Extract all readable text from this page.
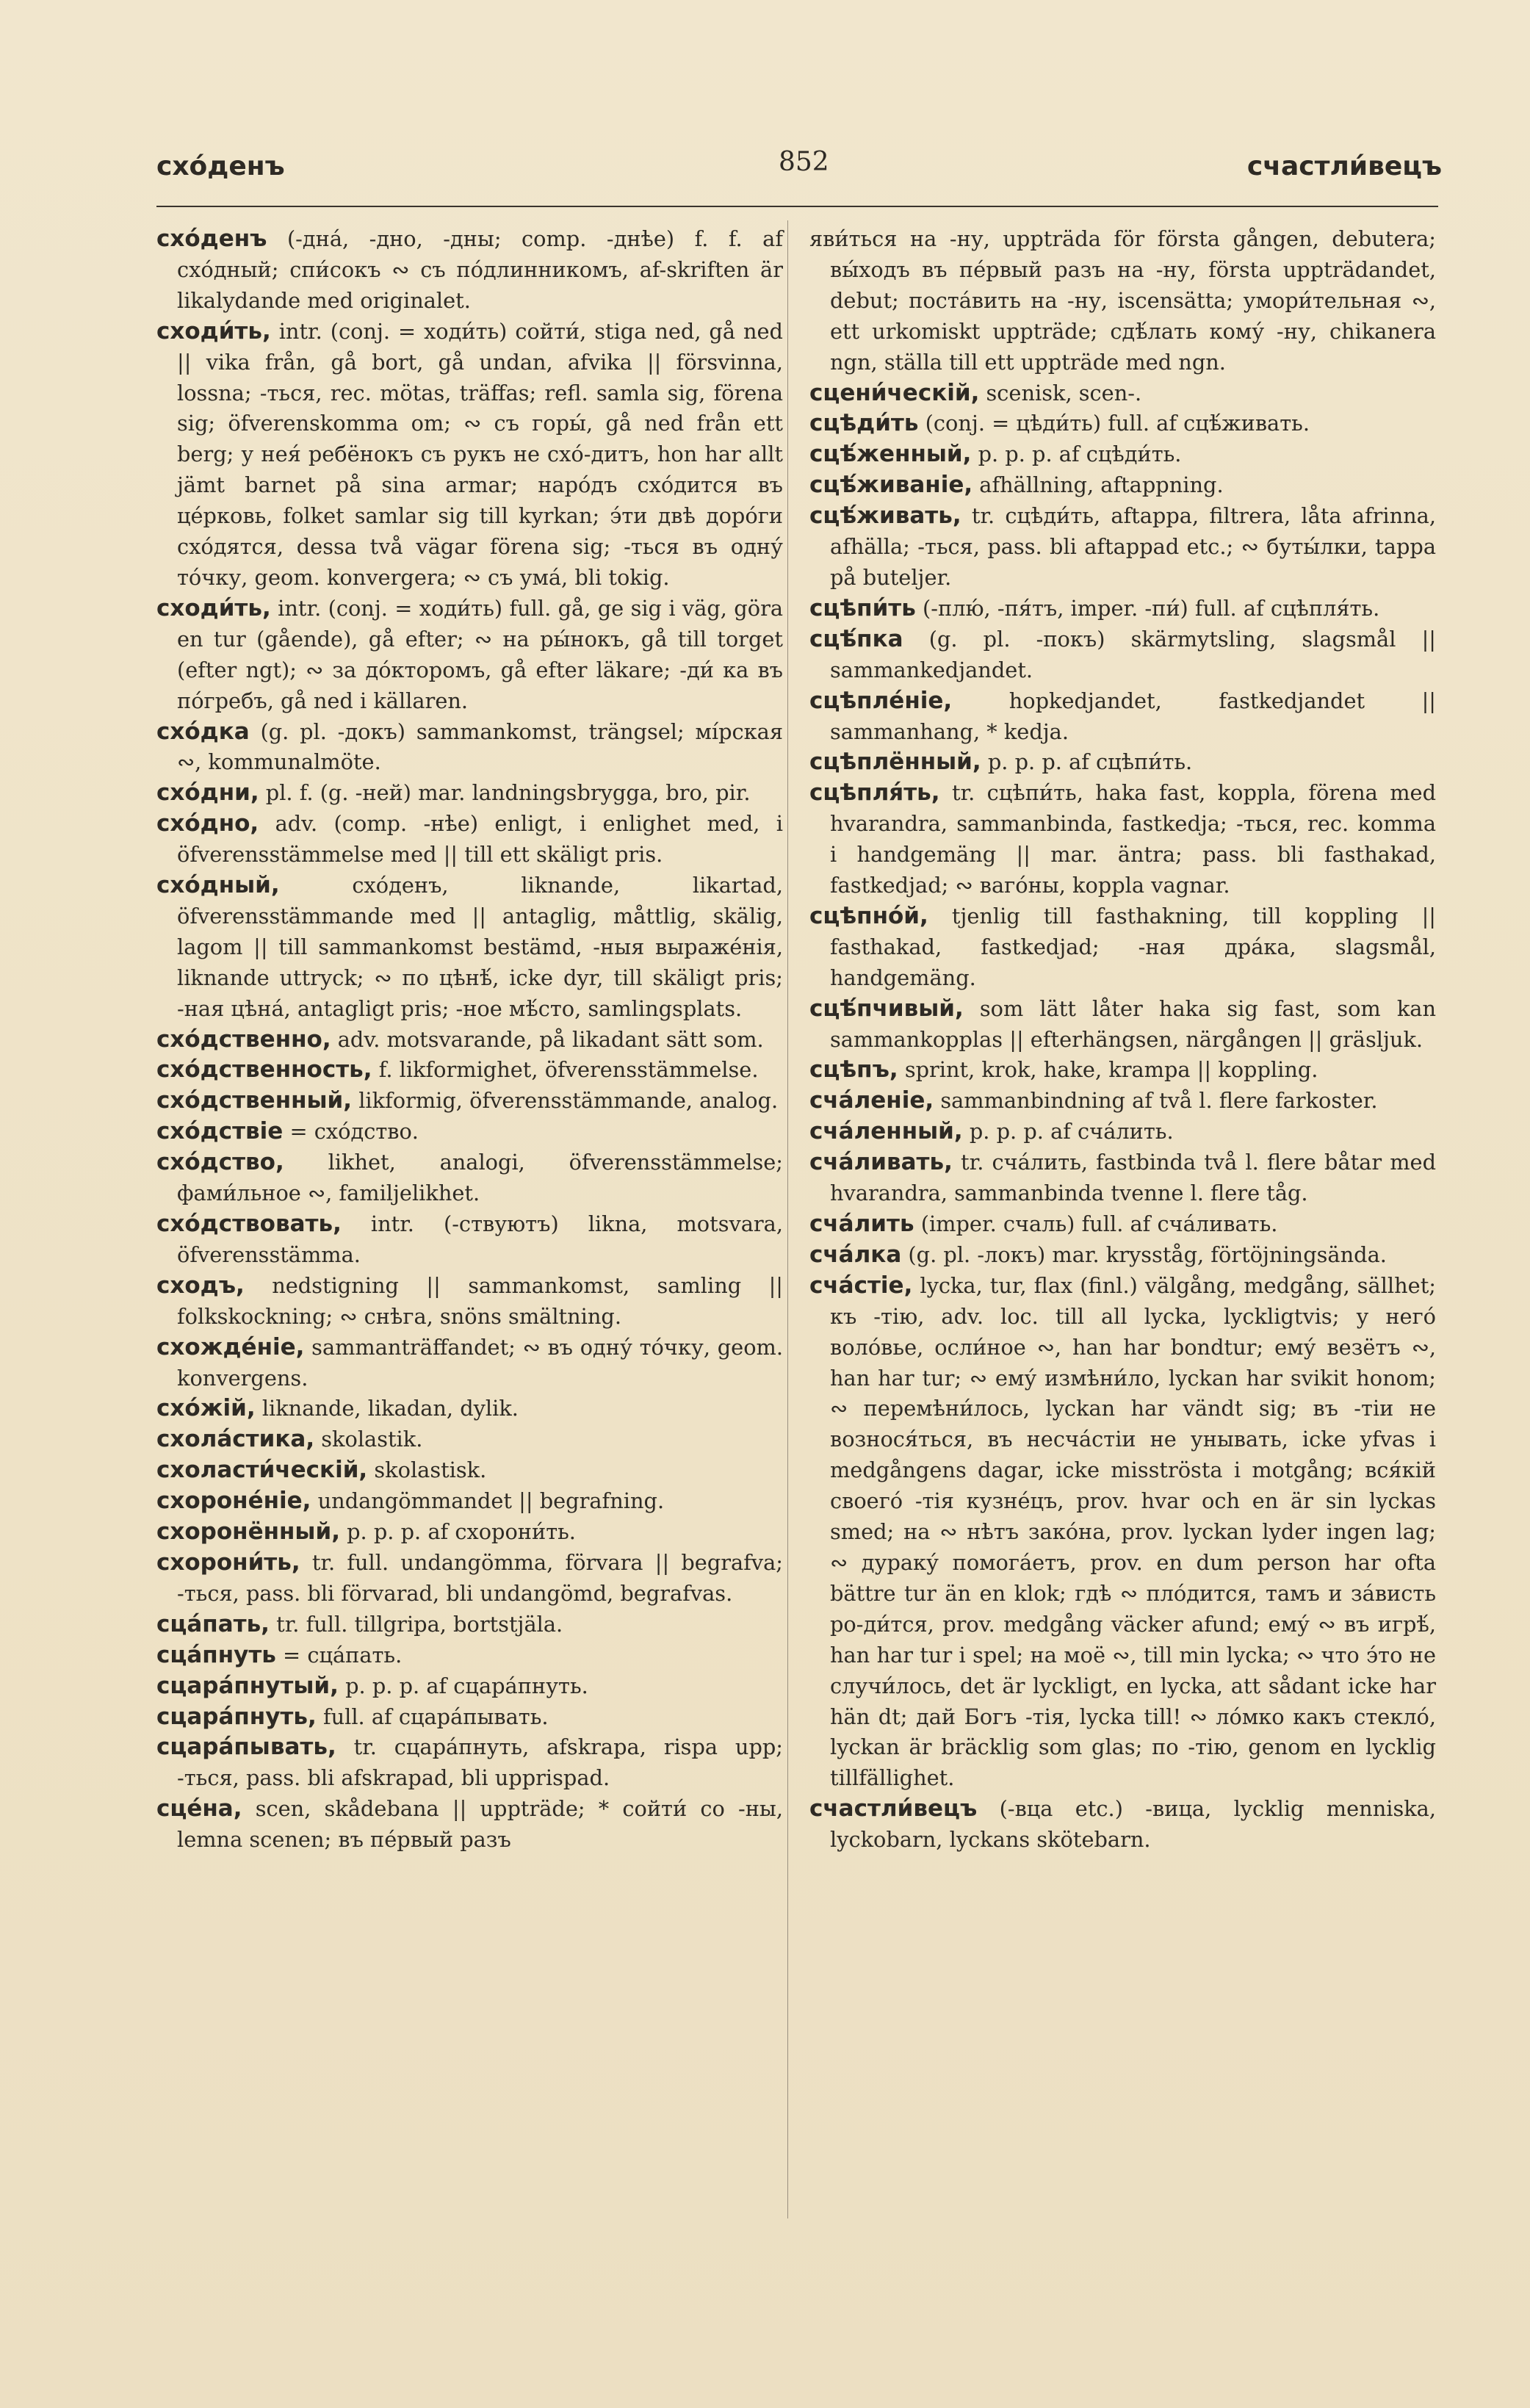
схо́денъ	852	счастли́вецъ

схо́денъ (-дна́, -дно, -дны; comp. -днѣе) f. f. af схо́дный; спи́сокъ ∾ съ по́длинникомъ, af-skriften är likalydande med originalet.

сходи́ть, intr. (conj. = ходи́ть) сойти́, stiga ned, gå ned || vika från, gå bort, gå undan, afvika || försvinna, lossna; -ться, rec. mötas, träffas; refl. samla sig, förena sig; öfverenskomma om; ∾ съ горы́, gå ned från ett berg; у нея́ ребёнокъ съ рукъ не схо́-дитъ, hon har allt jämt barnet på sina armar; наро́дъ схо́дится въ це́рковь, folket samlar sig till kyrkan; э́ти двѣ доро́ги схо́дятся, dessa två vägar förena sig; -ться въ одну́ то́чку, geom. konvergera; ∾ съ ума́, bli tokig.

сходи́ть, intr. (conj. = ходи́ть) full. gå, ge sig i väg, göra en tur (gående), gå efter; ∾ на ры́нокъ, gå till torget (efter ngt); ∾ за до́кторомъ, gå efter läkare; -ди́ ка въ по́гребъ, gå ned i källaren.

схо́дка (g. pl. -докъ) sammankomst, trängsel; мі́рская ∾, kommunalmöte.

схо́дни, pl. f. (g. -ней) mar. landningsbrygga, bro, pir.

схо́дно, adv. (comp. -нѣе) enligt, i enlighet med, i öfverensstämmelse med || till ett skäligt pris.

схо́дный,	схо́денъ, liknande, likartad, öfverensstämmande med || antaglig, måttlig, skälig, lagom || till sammankomst bestämd, -ныя выраже́нія, liknande uttryck; ∾ по цѣнѣ́, icke dyr, till skäligt pris; -ная цѣна́, antagligt pris; -ное мѣ́сто, samlingsplats.

схо́дственно, adv. motsvarande, på likadant sätt som.

схо́дственность, f. likformighet, öfverensstämmelse.

схо́дственный, likformig, öfverensstämmande, analog.

схо́дствіе = схо́дство.

схо́дство, likhet, analogi, öfverensstämmelse; фами́льное ∾, familjelikhet.

схо́дствовать, intr. (-ствуютъ) likna, motsvara, öfverensstämma.

сходъ, nedstigning || sammankomst, samling || folkskockning; ∾ снѣга, snöns smältning.

схожде́ніе, sammanträffandet; ∾ въ одну́ то́чку, geom. konvergens.

схо́жій, liknande, likadan, dylik.

схола́стика, skolastik.

схоласти́ческій, skolastisk.

схороне́ніе, undangömmandet || begrafning.

схоронённый, p. p. p. af схорони́ть.

схорони́ть, tr. full. undangömma, förvara || begrafva; -ться, pass. bli förvarad, bli undangömd, begrafvas.

сца́пать, tr. full. tillgripa, bortstjäla.

сца́пнуть = сца́пать.

сцара́пнутый, p. p. p. af сцара́пнуть.

сцара́пнуть, full. af сцара́пывать.

сцара́пывать, tr. сцара́пнуть, afskrapa, rispa upp; -ться, pass. bli afskrapad, bli upprispad.

сце́на, scen, skådebana || uppträde; * сойти́ со -ны, lemna scenen; въ пе́рвый разъ

яви́ться на -ну, uppträda för första gången, debutera; вы́ходъ въ пе́рвый разъ на -ну, första uppträdandet, debut; поста́вить на -ну, iscensätta; умори́тельная ∾, ett urkomiskt uppträde; сдѣ́лать кому́ -ну, chikanera ngn, ställa till ett uppträde med ngn.

сцени́ческій, scenisk, scen-.

сцѣди́ть (conj. = цѣди́ть) full. af сцѣ́живать.

сцѣ́женный, p. p. p. af сцѣди́ть.

сцѣ́живаніе, afhällning, aftappning.

сцѣ́живать, tr. сцѣди́ть, aftappa, filtrera, låta afrinna, afhälla; -ться, pass. bli aftappad etc.; ∾ буты́лки, tappa på buteljer.

сцѣпи́ть (-плю́, -пя́тъ, imper. -пи́) full. af сцѣпля́ть.

сцѣ́пка (g. pl. -покъ) skärmytsling, slagsmål || sammankedjandet.

сцѣпле́ніе,	hopkedjandet, fastkedjandet || sammanhang, * kedja.

сцѣплённый, p. p. p. af сцѣпи́ть.

сцѣпля́ть, tr. сцѣпи́ть, haka fast, koppla, förena med hvarandra, sammanbinda, fastkedja; -ться, rec. komma i handgemäng || mar. äntra; pass. bli fasthakad, fastkedjad; ∾ ваго́ны, koppla vagnar.

сцѣпно́й, tjenlig till fasthakning, till koppling || fasthakad, fastkedjad; -ная дра́ка, slagsmål, handgemäng.

сцѣ́пчивый, som lätt låter haka sig fast, som kan sammankopplas || efterhängsen, närgången || gräsljuk.

сцѣпъ, sprint, krok, hake, krampa || koppling.

сча́леніе, sammanbindning af två l. flere farkoster.

сча́ленный, p. p. p. af сча́лить.

сча́ливать, tr. сча́лить, fastbinda två l. flere båtar med hvarandra, sammanbinda tvenne l. flere tåg.

сча́лить (imper. счаль) full. af сча́ливать.

сча́лка (g. pl. -локъ) mar. krysståg, förtöjningsända.

сча́стіе, lycka, tur, flax (finl.) välgång, medgång, sällhet; къ -тію, adv. loc. till all lycka, lyckligtvis; у него́ воло́вье, осли́ное ∾, han har bondtur; ему́ везётъ ∾, han har tur; ∾ ему́ измѣни́ло, lyckan har svikit honom; ∾ перемѣни́лось, lyckan har vändt sig; въ -тіи не вознося́ться, въ несча́стіи не унывать, icke yfvas i medgångens dagar, icke misströsta i motgång; вся́кій своего́ -тія кузне́цъ, prov. hvar och en är sin lyckas smed; на ∾ нѣтъ зако́на, prov. lyckan lyder ingen lag; ∾ дураку́ помога́етъ, prov. en dum person har ofta bättre tur än en klok; гдѣ ∾ пло́дится, тамъ и за́висть ро-ди́тся, prov. medgång väcker afund; ему́ ∾ въ игрѣ́, han har tur i spel; на моё ∾, till min lycka; ∾ что э́то не случи́лось, det är lyckligt, en lycka, att sådant icke har hän dt; дай Богъ -тія, lycka till! ∾ ло́мко какъ стекло́, lyckan är bräcklig som glas; по -тію, genom en lycklig tillfällighet.

счастли́вецъ (-вца etc.) -вица, lycklig menniska, lyckobarn, lyckans skötebarn.
